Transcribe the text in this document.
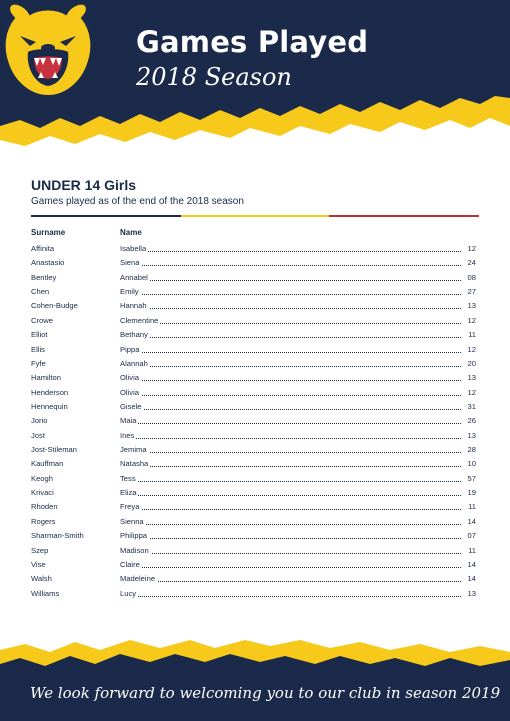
Games Played
2018 Season
UNDER 14 Girls
Games played as of the end of the 2018 season
Surname	Name
Affinita	Isabella	12
Anastasio	Siena	24
Bentley	Annabel	08
Chen	Emily	27
Cohen-Budge	Hannah	13
Crowe	Clementine	12
Elliot	Bethany	11
Ellis	Pippa	12
Fyfe	Alannah	20
Hamilton	Olivia	13
Henderson	Olivia	12
Hennequin	Gisele	31
Jorio	Maia	26
Jost	Ines	13
Jost-Stileman	Jemima	28
Kauffman	Natasha	10
Keogh	Tess	57
Krivaci	Eliza	19
Rhoden	Freya	11
Rogers	Sienna	14
Sharman-Smith	Philippa	07
Szep	Madison	11
Vise	Claire	14
Walsh	Madeleine	14
Williams	Lucy	13
We look forward to welcoming you to our club in season 2019
